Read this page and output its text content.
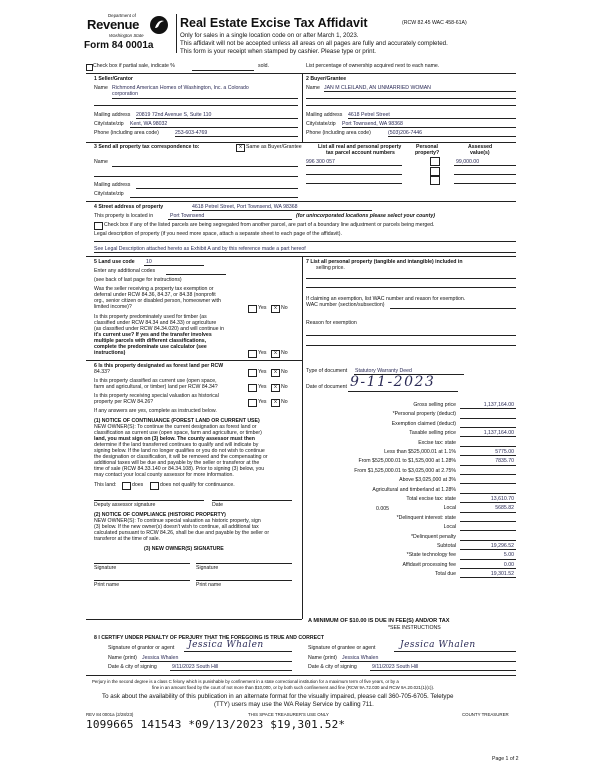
Department of
Revenue
Washington State
Form 84 0001a
Real Estate Excise Tax Affidavit	(RCW 82.45 WAC 458-61A)
Only for sales in a single location code on or after March 1, 2023.
This affidavit will not be accepted unless all areas on all pages are fully and accurately completed.
This form is your receipt when stamped by cashier. Please type or print.
Check box if partial sale, indicate %	sold.	List percentage of ownership acquired next to each name.
1 Seller/Grantor
Name Richmond American Homes of Washington, Inc. a Colorado
corporation
Mailing address 20819 72nd Avenue S, Suite 110
City/state/zip Kent, WA 98032
Phone (including area code)	253-603-4769
2 Buyer/Grantee
Name JAN M CLEILAND, AN UNMARRIED WOMAN
Mailing address 4618 Petrel Street
City/state/zip Port Townsend, WA 98368
Phone (including area code)	(503)206-7446
3 Send all property tax correspondence to:	X Same as Buyer/Grantee
Name
Mailing address
City/state/zip
List all real and personal property
tax parcel account numbers
Personal
property?
Assessed
value(s)
996 300 057	99,000.00
4 Street address of property	4618 Petrel Street, Port Townsend, WA 98368
This property is located in	Port Townsend	(for unincorporated locations please select your county)
Check box if any of the listed parcels are being segregated from another parcel, are part of a boundary line adjustment or parcels being merged.
Legal description of property (if you need more space, attach a separate sheet to each page of the affidavit).
See Legal Description attached hereto as Exhibit A and by this reference made a part hereof
5 Land use code 10
Enter any additional codes
(see back of last page for instructions)
Was the seller receiving a property tax exemption or
deferral under RCW 84.36, 84.37, or 84.38 (nonprofit
org., senior citizen or disabled person, homeowner with
limited income)?	Yes	X No
Is this property predominately used for timber (as
classified under RCW 84.34 and 84.33) or agriculture
(as classified under RCW 84.34.020) and will continue in
it's current use? If yes and the transfer involves
multiple parcels with different classifications,
complete the predominate use calculator (see
instructions)	Yes	X No
7 List all personal property (tangible and intangible) included in
selling price.
If claiming an exemption, list WAC number and reason for exemption.
WAC number (section/subsection)
Reason for exemption
6 Is this property designated as forest land per RCW
84.33?	Yes	X No
Is this property classified as current use (open space,
farm and agricultural, or timber) land per RCW 84.34?	Yes	X No
Is this property receiving special valuation as historical
property per RCW 84.26?	Yes	X No
If any answers are yes, complete as instructed below.
(1) NOTICE OF CONTINUANCE (FOREST LAND OR CURRENT USE)
NEW OWNER(S): To continue the current designation as forest land or
classification as current use (open space, farm and agriculture, or timber)
land, you must sign on (3) below. The county assessor must then
determine if the land transferred continues to qualify and will indicate by
signing below. If the land no longer qualifies or you do not wish to continue
the designation or classification, it will be removed and the compensating or
additional taxes will be due and payable by the seller or transferor at the
time of sale (RCW 84.33.140 or 84.34.108). Prior to signing (3) below, you
may contact your local county assessor for more information.
This land:	does	does not qualify for continuance.
Deputy assessor signature	Date
(2) NOTICE OF COMPLIANCE (HISTORIC PROPERTY)
NEW OWNER(S): To continue special valuation as historic property, sign
(3) below. If the new owner(s) doesn't wish to continue, all additional tax
calculated pursuant to RCW 84.26, shall be due and payable by the seller or
transferor at the time of sale.
(3) NEW OWNER(S) SIGNATURE
Signature	Signature
Print name	Print name
Type of document Statutory Warranty Deed
Date of document 9-11-2023
Gross selling price	1,137,164.00
*Personal property (deduct)
Exemption claimed (deduct)
Taxable selling price	1,137,164.00
Excise tax: state
Less than $525,000.01 at 1.1%	5775.00
From $525,000.01 to $1,525,000 at 1.28%	7835.70
From $1,525,000.01 to $3,025,000 at 2.75%
Above $3,025,000 at 3%
Agricultural and timberland at 1.28%
Total excise tax: state	13,610.70
Local	5685.82
*Delinquent interest: state
Local
*Delinquent penalty
Subtotal	19,296.52
*State technology fee	5.00
Affidavit processing fee	0.00
Total due	19,301.52
0.005
A MINIMUM OF $10.00 IS DUE IN FEE(S) AND/OR TAX
*SEE INSTRUCTIONS
8 I CERTIFY UNDER PENALTY OF PERJURY THAT THE FOREGOING IS TRUE AND CORRECT
Signature of grantor or agent Jessica Whalen
Name (print) Jessica Whalen
Date & city of signing	9/11/2023 South Hill
Signature of grantee or agent	Jessica Whalen
Name (print) Jessica Whalen
Date & city of signing	9/11/2023 South Hill
Perjury in the second degree is a class C felony which is punishable by confinement in a state correctional institution for a maximum term of five years, or by a
fine in an amount fixed by the court of not more than $10,000, or by both such confinement and fine (RCW 9A.72.030 and RCW 9A.20.021(1)(c)).
To ask about the availability of this publication in an alternate format for the visually impaired, please call 360-705-6705. Teletype
(TTY) users may use the WA Relay Service by calling 711.
REV 84 0001a (2/28/23)	THIS SPACE TREASURER'S USE ONLY	COUNTY TREASURER
1099665 141543 *09/13/2023 $19,301.52*
Page 1 of 2
